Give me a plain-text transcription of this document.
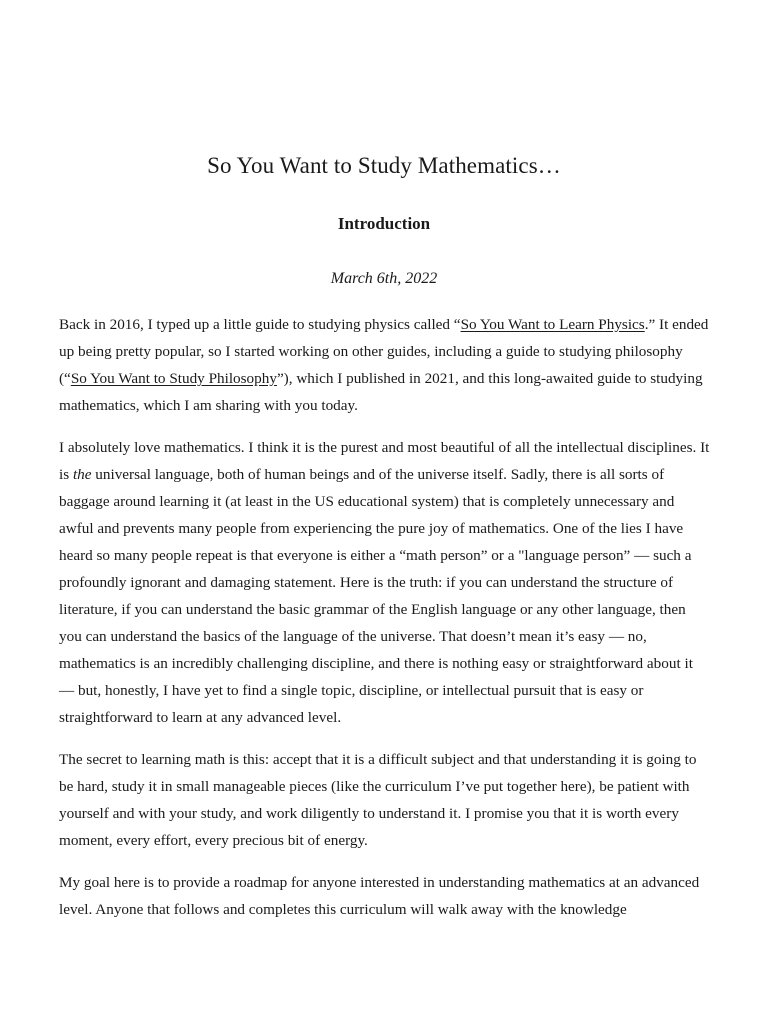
So You Want to Study Mathematics…
Introduction

March 6th, 2022

Back in 2016, I typed up a little guide to studying physics called “So You Want to Learn Physics.” It ended up being pretty popular, so I started working on other guides, including a guide to studying philosophy (“So You Want to Study Philosophy”), which I published in 2021, and this long-awaited guide to studying mathematics, which I am sharing with you today.

I absolutely love mathematics. I think it is the purest and most beautiful of all the intellectual disciplines. It is the universal language, both of human beings and of the universe itself. Sadly, there is all sorts of baggage around learning it (at least in the US educational system) that is completely unnecessary and awful and prevents many people from experiencing the pure joy of mathematics. One of the lies I have heard so many people repeat is that everyone is either a “math person” or a "language person” — such a profoundly ignorant and damaging statement. Here is the truth: if you can understand the structure of literature, if you can understand the basic grammar of the English language or any other language, then you can understand the basics of the language of the universe. That doesn’t mean it’s easy — no, mathematics is an incredibly challenging discipline, and there is nothing easy or straightforward about it — but, honestly, I have yet to find a single topic, discipline, or intellectual pursuit that is easy or straightforward to learn at any advanced level.

The secret to learning math is this: accept that it is a difficult subject and that understanding it is going to be hard, study it in small manageable pieces (like the curriculum I’ve put together here), be patient with yourself and with your study, and work diligently to understand it. I promise you that it is worth every moment, every effort, every precious bit of energy.

My goal here is to provide a roadmap for anyone interested in understanding mathematics at an advanced level. Anyone that follows and completes this curriculum will walk away with the knowledge
